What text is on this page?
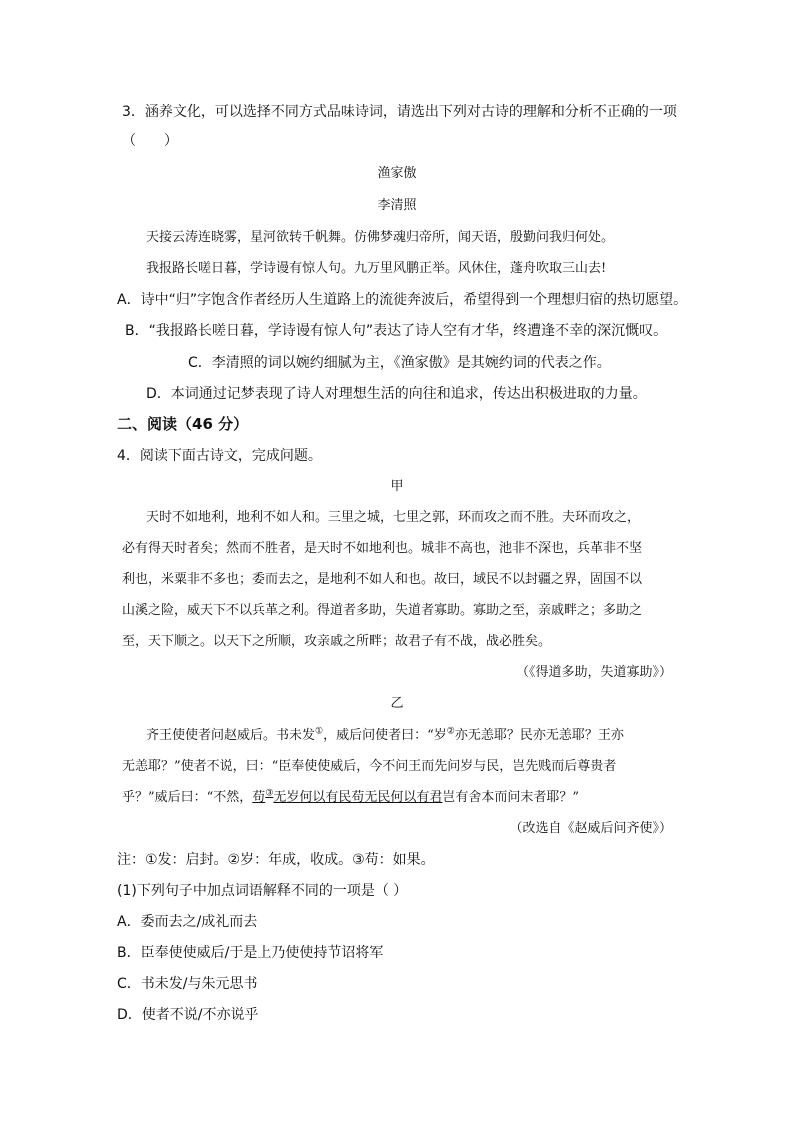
3．涵养文化，可以选择不同方式品味诗词，请选出下列对古诗的理解和分析不正确的一项
（　　）
渔家傲
李清照
天接云涛连晓雾，星河欲转千帆舞。仿佛梦魂归帝所，闻天语，殷勤问我归何处。
我报路长嗟日暮，学诗谩有惊人句。九万里风鹏正举。风休住，蓬舟吹取三山去!
A．诗中“归”字饱含作者经历人生道路上的流徙奔波后，希望得到一个理想归宿的热切愿望。
B．“我报路长嗟日暮，学诗谩有惊人句”表达了诗人空有才华，终遭逢不幸的深沉慨叹。
C．李清照的词以婉约细腻为主，《渔家傲》是其婉约词的代表之作。
D．本词通过记梦表现了诗人对理想生活的向往和追求，传达出积极进取的力量。
二、阅读（46 分）
4．阅读下面古诗文，完成问题。
甲
天时不如地利，地利不如人和。三里之城，七里之郭，环而攻之而不胜。夫环而攻之，
必有得天时者矣；然而不胜者，是天时不如地利也。城非不高也，池非不深也，兵革非不坚
利也，米粟非不多也；委而去之，是地利不如人和也。故曰，域民不以封疆之界，固国不以
山溪之险，威天下不以兵革之利。得道者多助，失道者寡助。寡助之至，亲戚畔之；多助之
至，天下顺之。以天下之所顺，攻亲戚之所畔；故君子有不战，战必胜矣。
（《得道多助，失道寡助》）
乙
齐王使使者问赵威后。书未发①，威后问使者曰：“岁②亦无恙耶？民亦无恙耶？王亦
无恙耶？”使者不说，曰：“臣奉使使威后，今不问王而先问岁与民，岂先贱而后尊贵者
乎？”威后曰：“不然，苟③无岁何以有民苟无民何以有君岂有舍本而问末者耶？”
（改选自《赵威后问齐使》）
注：①发：启封。②岁：年成，收成。③苟：如果。
(1)下列句子中加点词语解释不同的一项是（ ）
A．委而去之/成礼而去
B．臣奉使使威后/于是上乃使使持节诏将军
C．书未发/与朱元思书
D．使者不说/不亦说乎
